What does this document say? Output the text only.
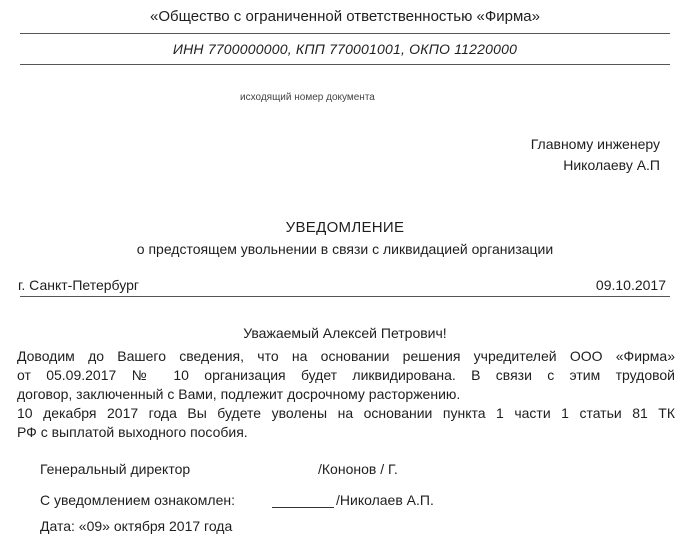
«Общество с ограниченной ответственностью «Фирма»
ИНН 7700000000, КПП 770001001, ОКПО 11220000
исходящий номер документа
Главному инженеру
Николаеву А.П
УВЕДОМЛЕНИЕ
о предстоящем увольнении в связи с ликвидацией организации
г. Санкт-Петербург	09.10.2017
Уважаемый Алексей Петрович!

Доводим до Вашего сведения, что на основании решения учредителей ООО «Фирма»

от 05.09.2017 № 10 организация будет ликвидирована. В связи с этим трудовой

договор, заключенный с Вами, подлежит досрочному расторжению.

10 декабря 2017 года Вы будете уволены на основании пункта 1 части 1 статьи 81 ТК

РФ с выплатой выходного пособия.

Генеральный директор	/Кононов / Г.
С уведомлением ознакомлен:	/Николаев А.П.
Дата: «09» октября 2017 года
